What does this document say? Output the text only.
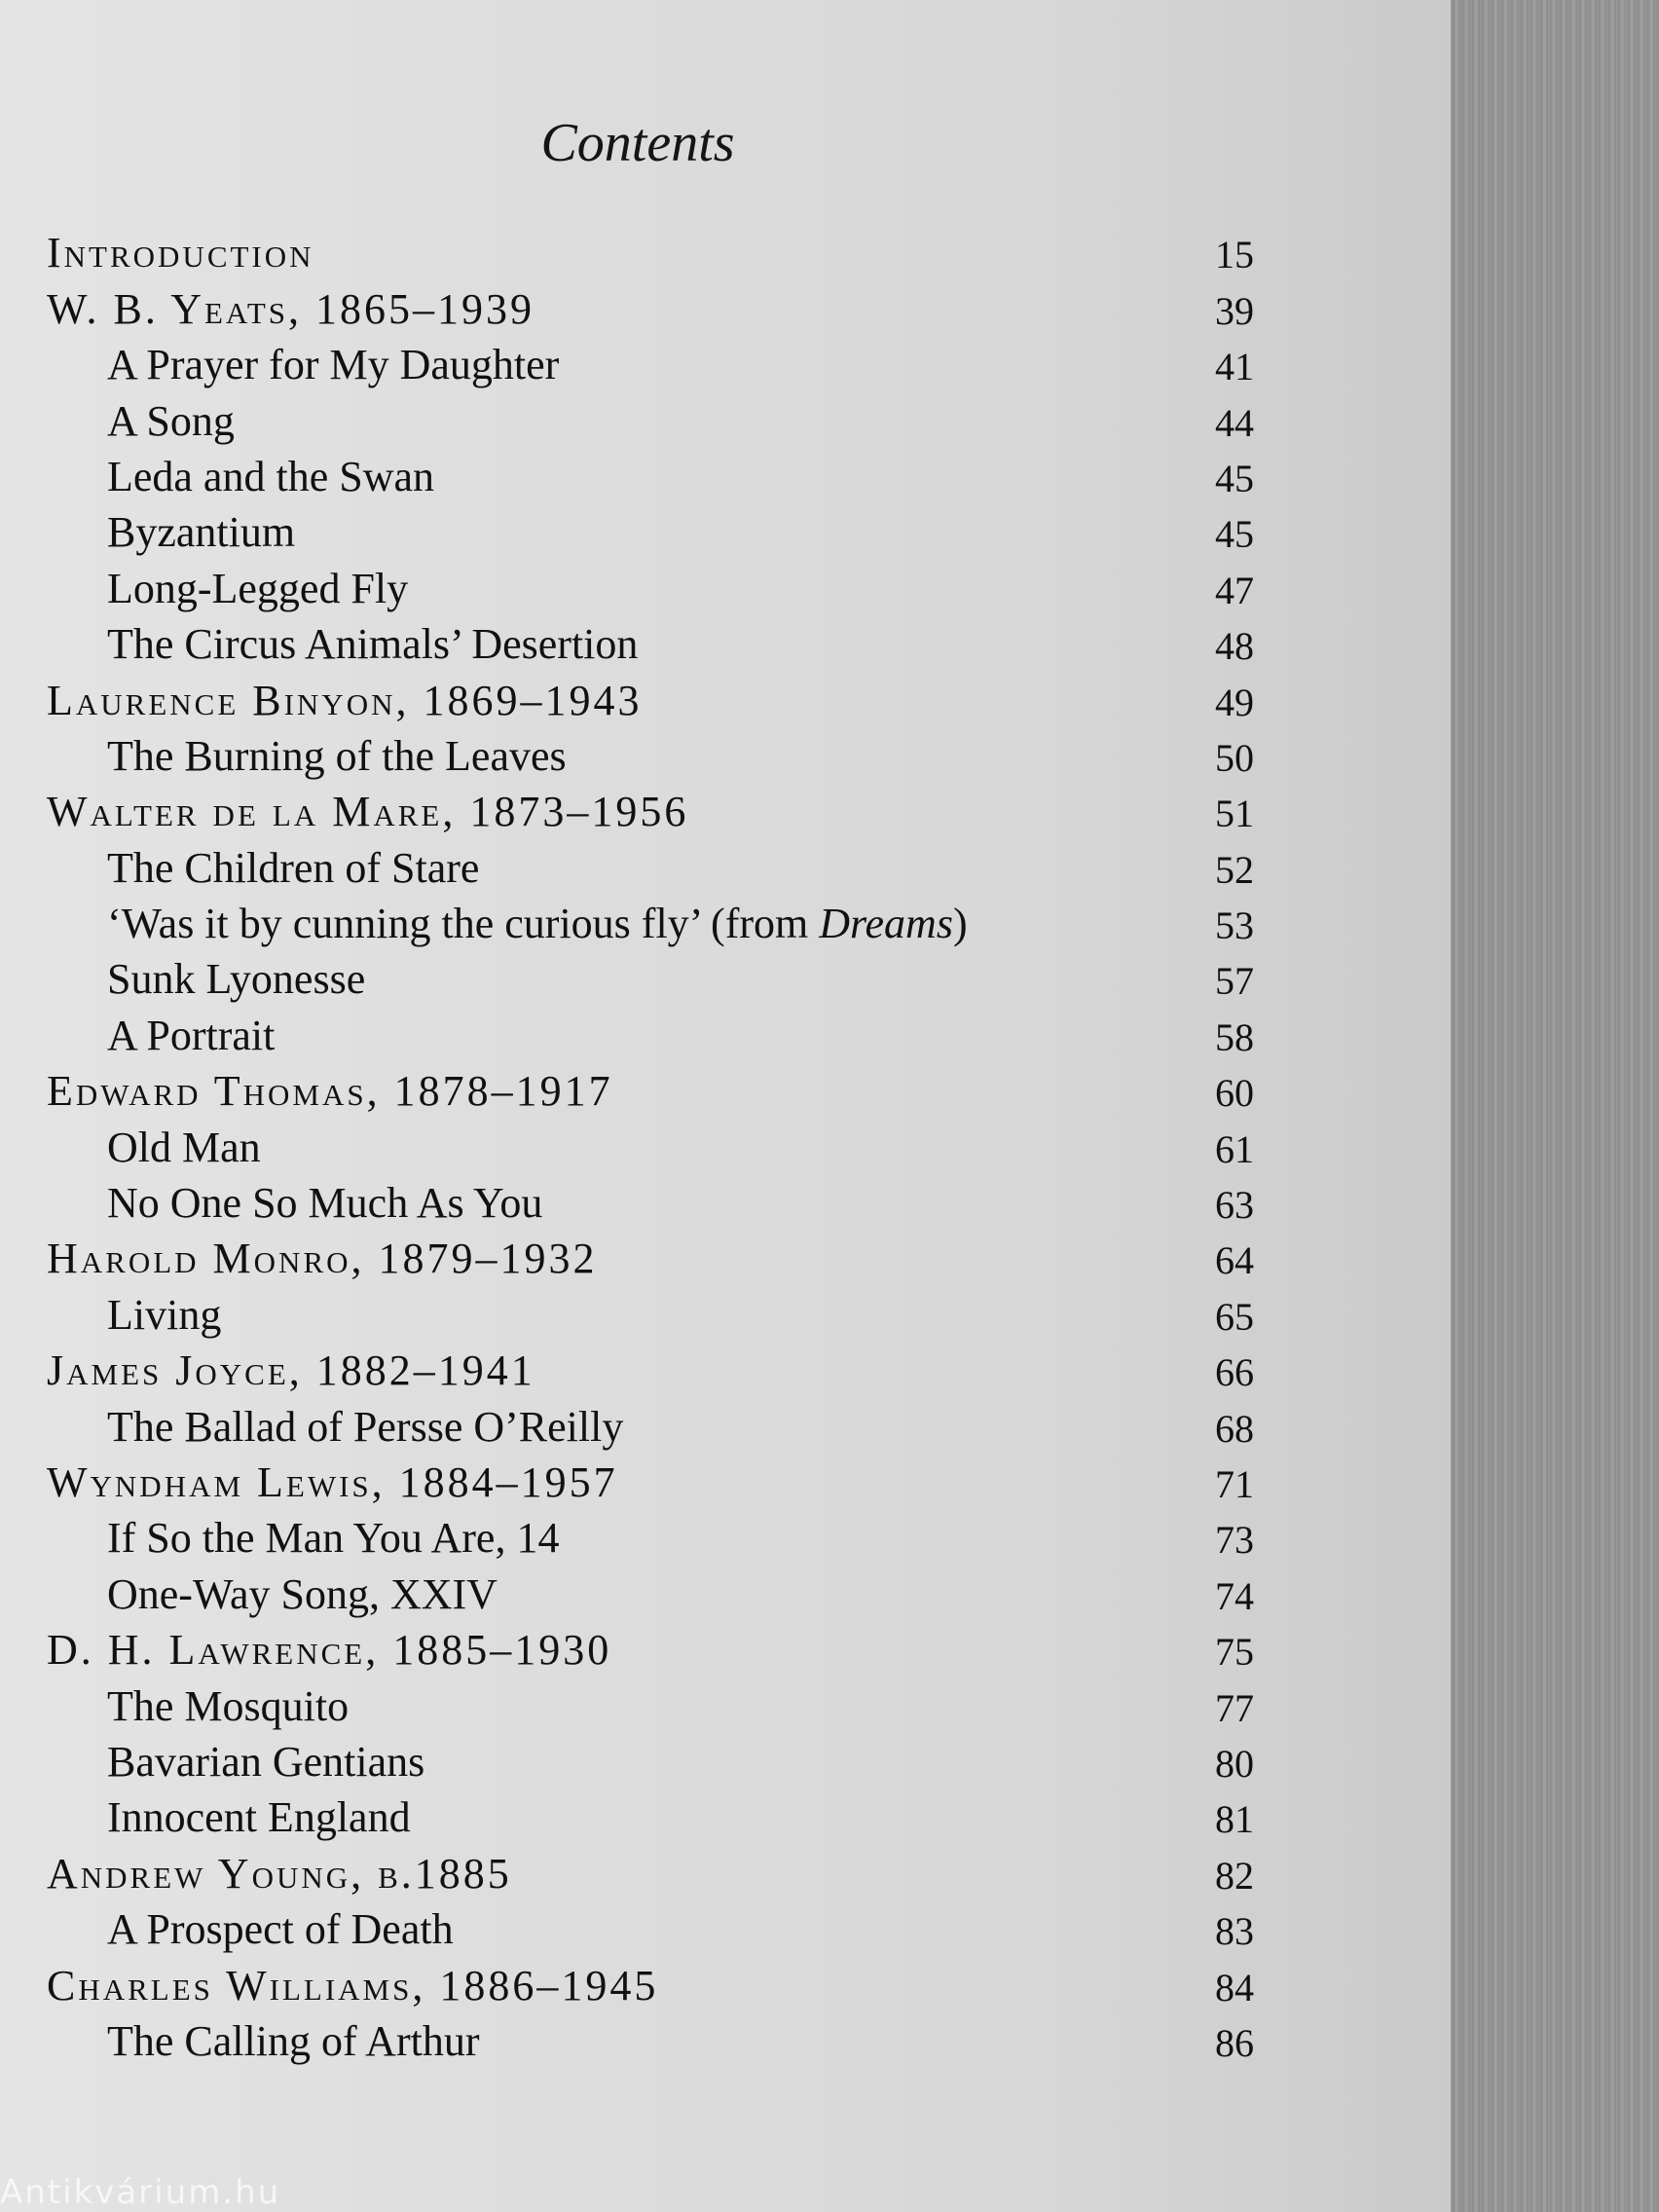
Contents
Introduction	15
W. B. Yeats, 1865–1939	39
A Prayer for My Daughter	41
A Song	44
Leda and the Swan	45
Byzantium	45
Long-Legged Fly	47
The Circus Animals’ Desertion	48
Laurence Binyon, 1869–1943	49
The Burning of the Leaves	50
Walter de la Mare, 1873–1956	51
The Children of Stare	52
‘Was it by cunning the curious fly’ (from Dreams)	53
Sunk Lyonesse	57
A Portrait	58
Edward Thomas, 1878–1917	60
Old Man	61
No One So Much As You	63
Harold Monro, 1879–1932	64
Living	65
James Joyce, 1882–1941	66
The Ballad of Persse O’Reilly	68
Wyndham Lewis, 1884–1957	71
If So the Man You Are, 14	73
One-Way Song, XXIV	74
D. H. Lawrence, 1885–1930	75
The Mosquito	77
Bavarian Gentians	80
Innocent England	81
Andrew Young, b.1885	82
A Prospect of Death	83
Charles Williams, 1886–1945	84
The Calling of Arthur	86
Antikvárium.hu
